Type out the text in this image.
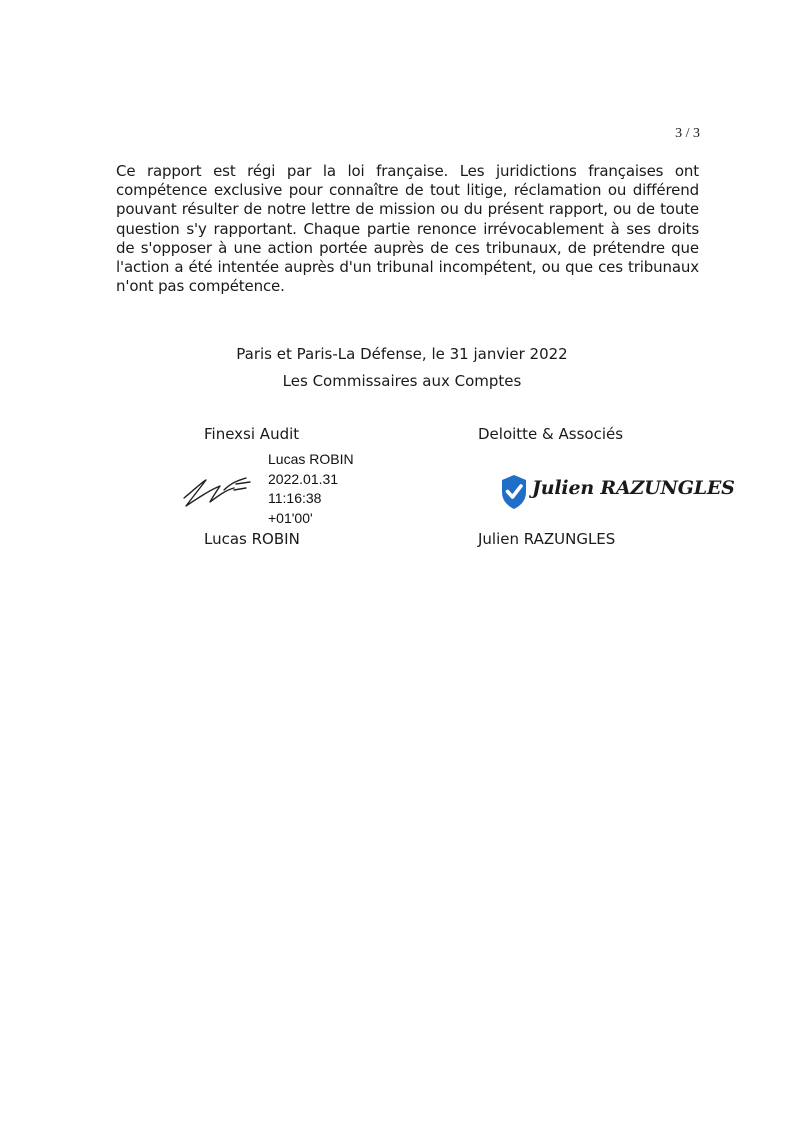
3 / 3

Ce rapport est régi par la loi française. Les juridictions françaises ont compétence exclusive pour connaître de tout litige, réclamation ou différend pouvant résulter de notre lettre de mission ou du présent rapport, ou de toute question s'y rapportant. Chaque partie renonce irrévocablement à ses droits de s'opposer à une action portée auprès de ces tribunaux, de prétendre que l'action a été intentée auprès d'un tribunal incompétent, ou que ces tribunaux n'ont pas compétence.

Paris et Paris-La Défense, le 31 janvier 2022
Les Commissaires aux Comptes
Finexsi Audit	Deloitte & Associés
Lucas ROBIN
2022.01.31
11:16:38
+01'00'
Julien RAZUNGLES
Lucas ROBIN	Julien RAZUNGLES
